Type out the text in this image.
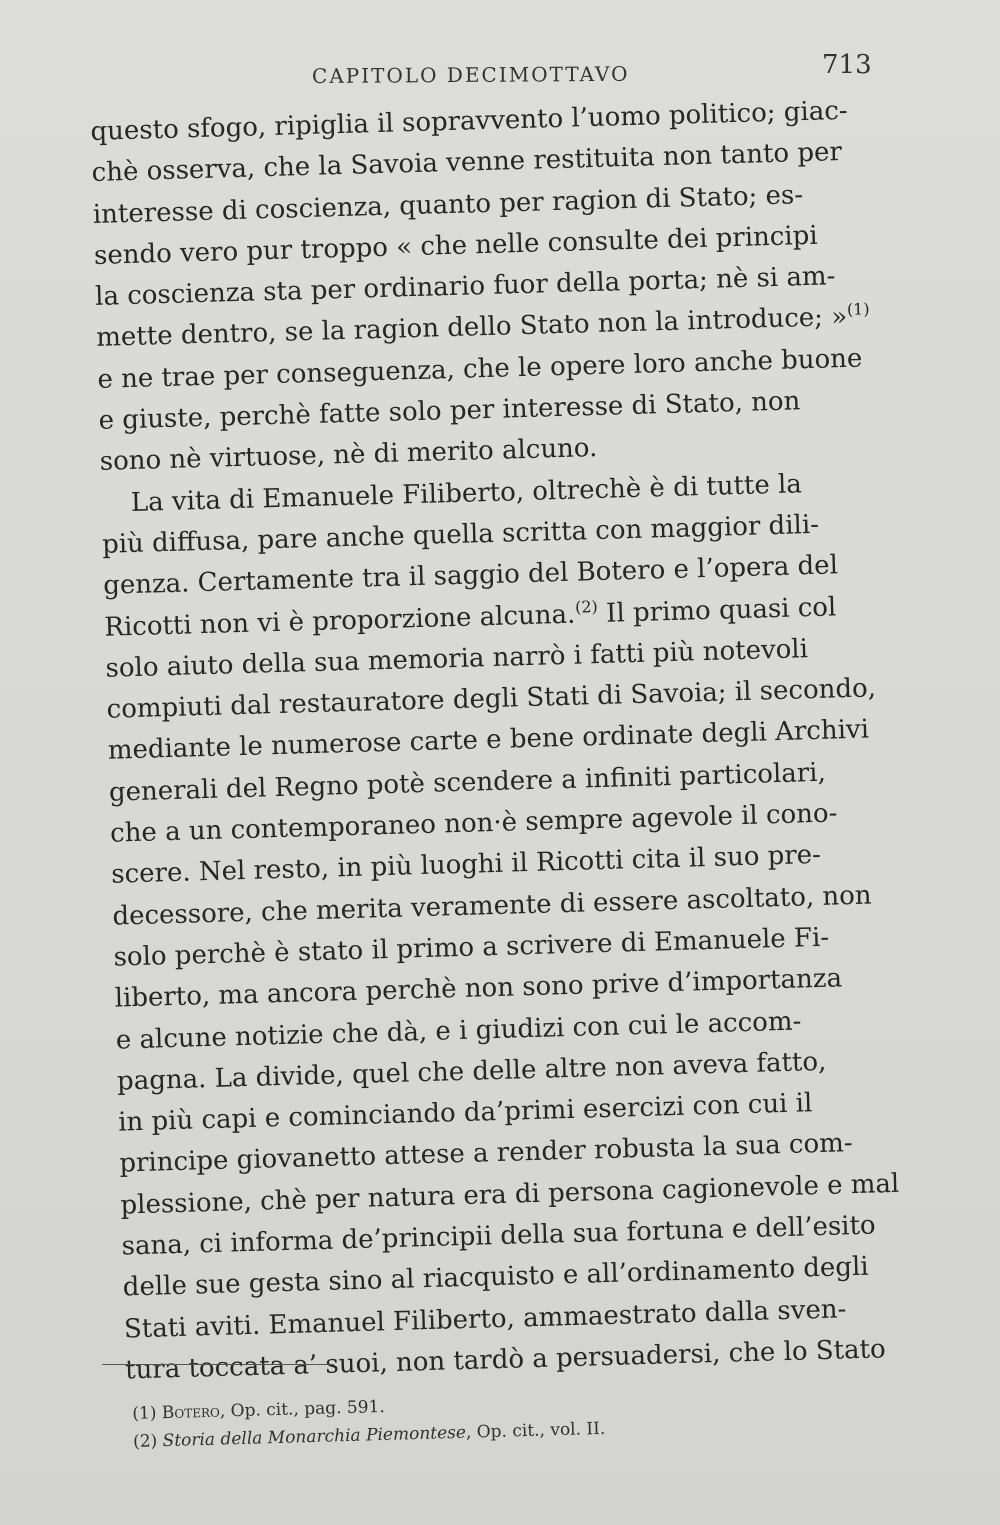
CAPITOLO DECIMOTTAVO	713
questo sfogo, ripiglia il sopravvento l’uomo politico; giac-
chè osserva, che la Savoia venne restituita non tanto per
interesse di coscienza, quanto per ragion di Stato; es-
sendo vero pur troppo « che nelle consulte dei principi
la coscienza sta per ordinario fuor della porta; nè si am-
mette dentro, se la ragion dello Stato non la introduce; »$^{(1)}$
e ne trae per conseguenza, che le opere loro anche buone
e giuste, perchè fatte solo per interesse di Stato, non
sono nè virtuose, nè di merito alcuno.
La vita di Emanuele Filiberto, oltrechè è di tutte la
più diffusa, pare anche quella scritta con maggior dili-
genza. Certamente tra il saggio del Botero e l’opera del
Ricotti non vi è proporzione alcuna.$^{(2)}$ Il primo quasi col
solo aiuto della sua memoria narrò i fatti più notevoli
compiuti dal restauratore degli Stati di Savoia; il secondo,
mediante le numerose carte e bene ordinate degli Archivi
generali del Regno potè scendere a infiniti particolari,
che a un contemporaneo non·è sempre agevole il cono-
scere. Nel resto, in più luoghi il Ricotti cita il suo pre-
decessore, che merita veramente di essere ascoltato, non
solo perchè è stato il primo a scrivere di Emanuele Fi-
liberto, ma ancora perchè non sono prive d’importanza
e alcune notizie che dà, e i giudizi con cui le accom-
pagna. La divide, quel che delle altre non aveva fatto,
in più capi e cominciando da’primi esercizi con cui il
principe giovanetto attese a render robusta la sua com-
plessione, chè per natura era di persona cagionevole e mal
sana, ci informa de’principii della sua fortuna e dell’esito
delle sue gesta sino al riacquisto e all’ordinamento degli
Stati aviti. Emanuel Filiberto, ammaestrato dalla sven-
tura toccata a’ suoi, non tardò a persuadersi, che lo Stato
(1) Botero, Op. cit., pag. 591.
(2) Storia della Monarchia Piemontese, Op. cit., vol. II.
